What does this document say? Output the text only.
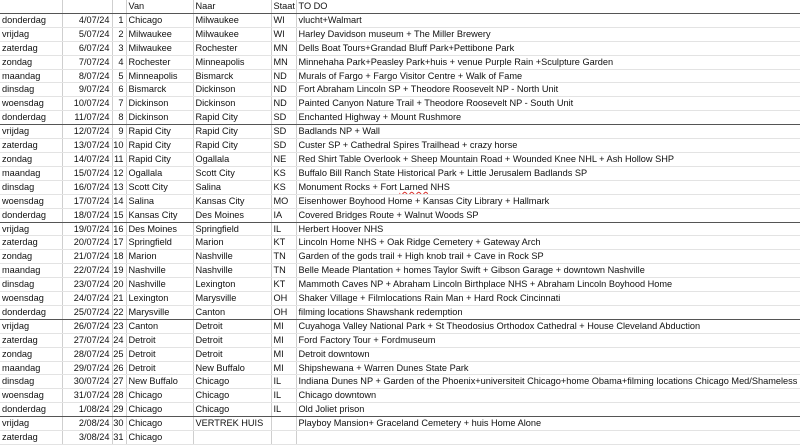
			Van	Naar	Staat	TO DO
donderdag	4/07/24	1	Chicago	Milwaukee	WI	vlucht+Walmart
vrijdag	5/07/24	2	Milwaukee	Milwaukee	WI	Harley Davidson museum + The Miller Brewery
zaterdag	6/07/24	3	Milwaukee	Rochester	MN	Dells Boat Tours+Grandad Bluff Park+Pettibone Park
zondag	7/07/24	4	Rochester	Minneapolis	MN	Minnehaha Park+Peasley Park+huis + venue Purple Rain +Sculpture Garden
maandag	8/07/24	5	Minneapolis	Bismarck	ND	Murals of Fargo + Fargo Visitor Centre + Walk of Fame
dinsdag	9/07/24	6	Bismarck	Dickinson	ND	Fort Abraham Lincoln SP + Theodore Roosevelt NP - North Unit
woensdag	10/07/24	7	Dickinson	Dickinson	ND	Painted Canyon Nature Trail + Theodore Roosevelt NP - South Unit
donderdag	11/07/24	8	Dickinson	Rapid City	SD	Enchanted Highway + Mount Rushmore
vrijdag	12/07/24	9	Rapid City	Rapid City	SD	Badlands NP + Wall
zaterdag	13/07/24	10	Rapid City	Rapid City	SD	Custer SP + Cathedral Spires Trailhead + crazy horse
zondag	14/07/24	11	Rapid City	Ogallala	NE	Red Shirt Table Overlook + Sheep Mountain Road + Wounded Knee NHL + Ash Hollow SHP
maandag	15/07/24	12	Ogallala	Scott City	KS	Buffalo Bill Ranch State Historical Park + Little Jerusalem Badlands SP
dinsdag	16/07/24	13	Scott City	Salina	KS	Monument Rocks + Fort Larned NHS
woensdag	17/07/24	14	Salina	Kansas City	MO	Eisenhower Boyhood Home + Kansas City Library + Hallmark
donderdag	18/07/24	15	Kansas City	Des Moines	IA	Covered Bridges Route + Walnut Woods SP
vrijdag	19/07/24	16	Des Moines	Springfield	IL	Herbert Hoover NHS
zaterdag	20/07/24	17	Springfield	Marion	KT	Lincoln Home NHS + Oak Ridge Cemetery + Gateway Arch
zondag	21/07/24	18	Marion	Nashville	TN	Garden of the gods trail + High knob trail + Cave in Rock SP
maandag	22/07/24	19	Nashville	Nashville	TN	Belle Meade Plantation + homes Taylor Swift + Gibson Garage + downtown Nashville
dinsdag	23/07/24	20	Nashville	Lexington	KT	Mammoth Caves NP + Abraham Lincoln Birthplace NHS + Abraham Lincoln Boyhood Home
woensdag	24/07/24	21	Lexington	Marysville	OH	Shaker Village + Filmlocations Rain Man + Hard Rock Cincinnati
donderdag	25/07/24	22	Marysville	Canton	OH	filming locations Shawshank redemption
vrijdag	26/07/24	23	Canton	Detroit	MI	Cuyahoga Valley National Park + St Theodosius Orthodox Cathedral + House Cleveland Abduction
zaterdag	27/07/24	24	Detroit	Detroit	MI	Ford Factory Tour + Fordmuseum
zondag	28/07/24	25	Detroit	Detroit	MI	Detroit downtown
maandag	29/07/24	26	Detroit	New Buffalo	MI	Shipshewana + Warren Dunes State Park
dinsdag	30/07/24	27	New Buffalo	Chicago	IL	Indiana Dunes NP + Garden of the Phoenix+universiteit Chicago+home Obama+filming locations Chicago Med/Shameless
woensdag	31/07/24	28	Chicago	Chicago	IL	Chicago downtown
donderdag	1/08/24	29	Chicago	Chicago	IL	Old Joliet prison
vrijdag	2/08/24	30	Chicago	VERTREK HUIS		Playboy Mansion+ Graceland Cemetery + huis Home Alone
zaterdag	3/08/24	31	Chicago			
